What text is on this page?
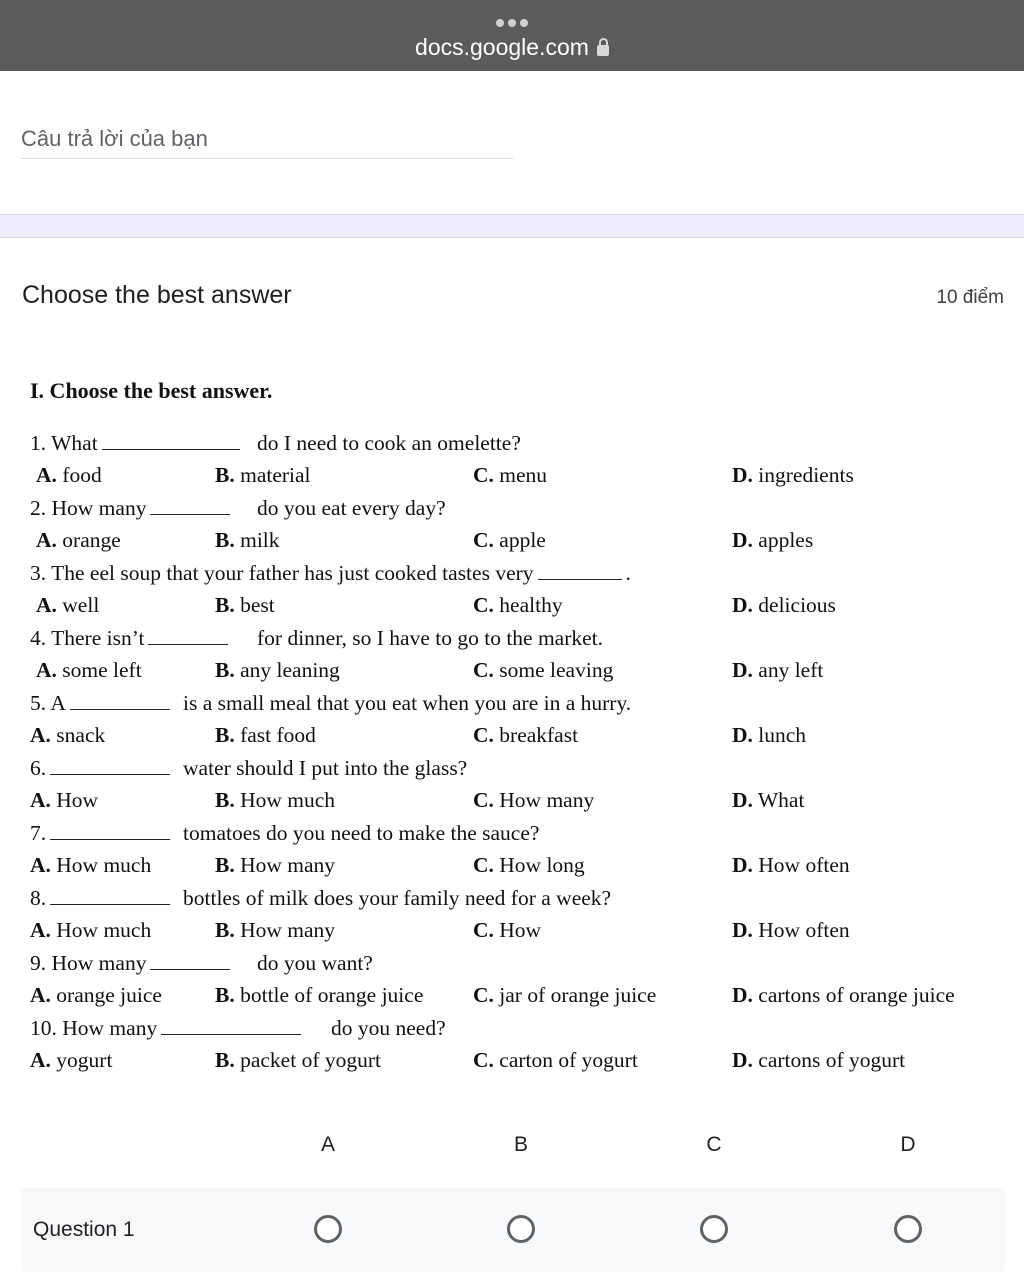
docs.google.com
Câu trả lời của bạn
Choose the best answer	10 điểm
I. Choose the best answer.
1. What	do I need to cook an omelette?
A. food	B. material	C. menu	D. ingredients
2. How many	do you eat every day?
A. orange	B. milk	C. apple	D. apples
3. The eel soup that your father has just cooked tastes very	.
A. well	B. best	C. healthy	D. delicious
4. There isn’t	for dinner, so I have to go to the market.
A. some left	B. any leaning	C. some leaving	D. any left
5. A	is a small meal that you eat when you are in a hurry.
A. snack	B. fast food	C. breakfast	D. lunch
6.	water should I put into the glass?
A. How	B. How much	C. How many	D. What
7.	tomatoes do you need to make the sauce?
A. How much	B. How many	C. How long	D. How often
8.	bottles of milk does your family need for a week?
A. How much	B. How many	C. How	D. How often
9. How many	do you want?
A. orange juice B. bottle of orange juice C. jar of orange juice	D. cartons of orange juice
10. How many	do you need?
A. yogurt	B. packet of yogurt	C. carton of yogurt	D. cartons of yogurt
A	B	C	D
Question 1
